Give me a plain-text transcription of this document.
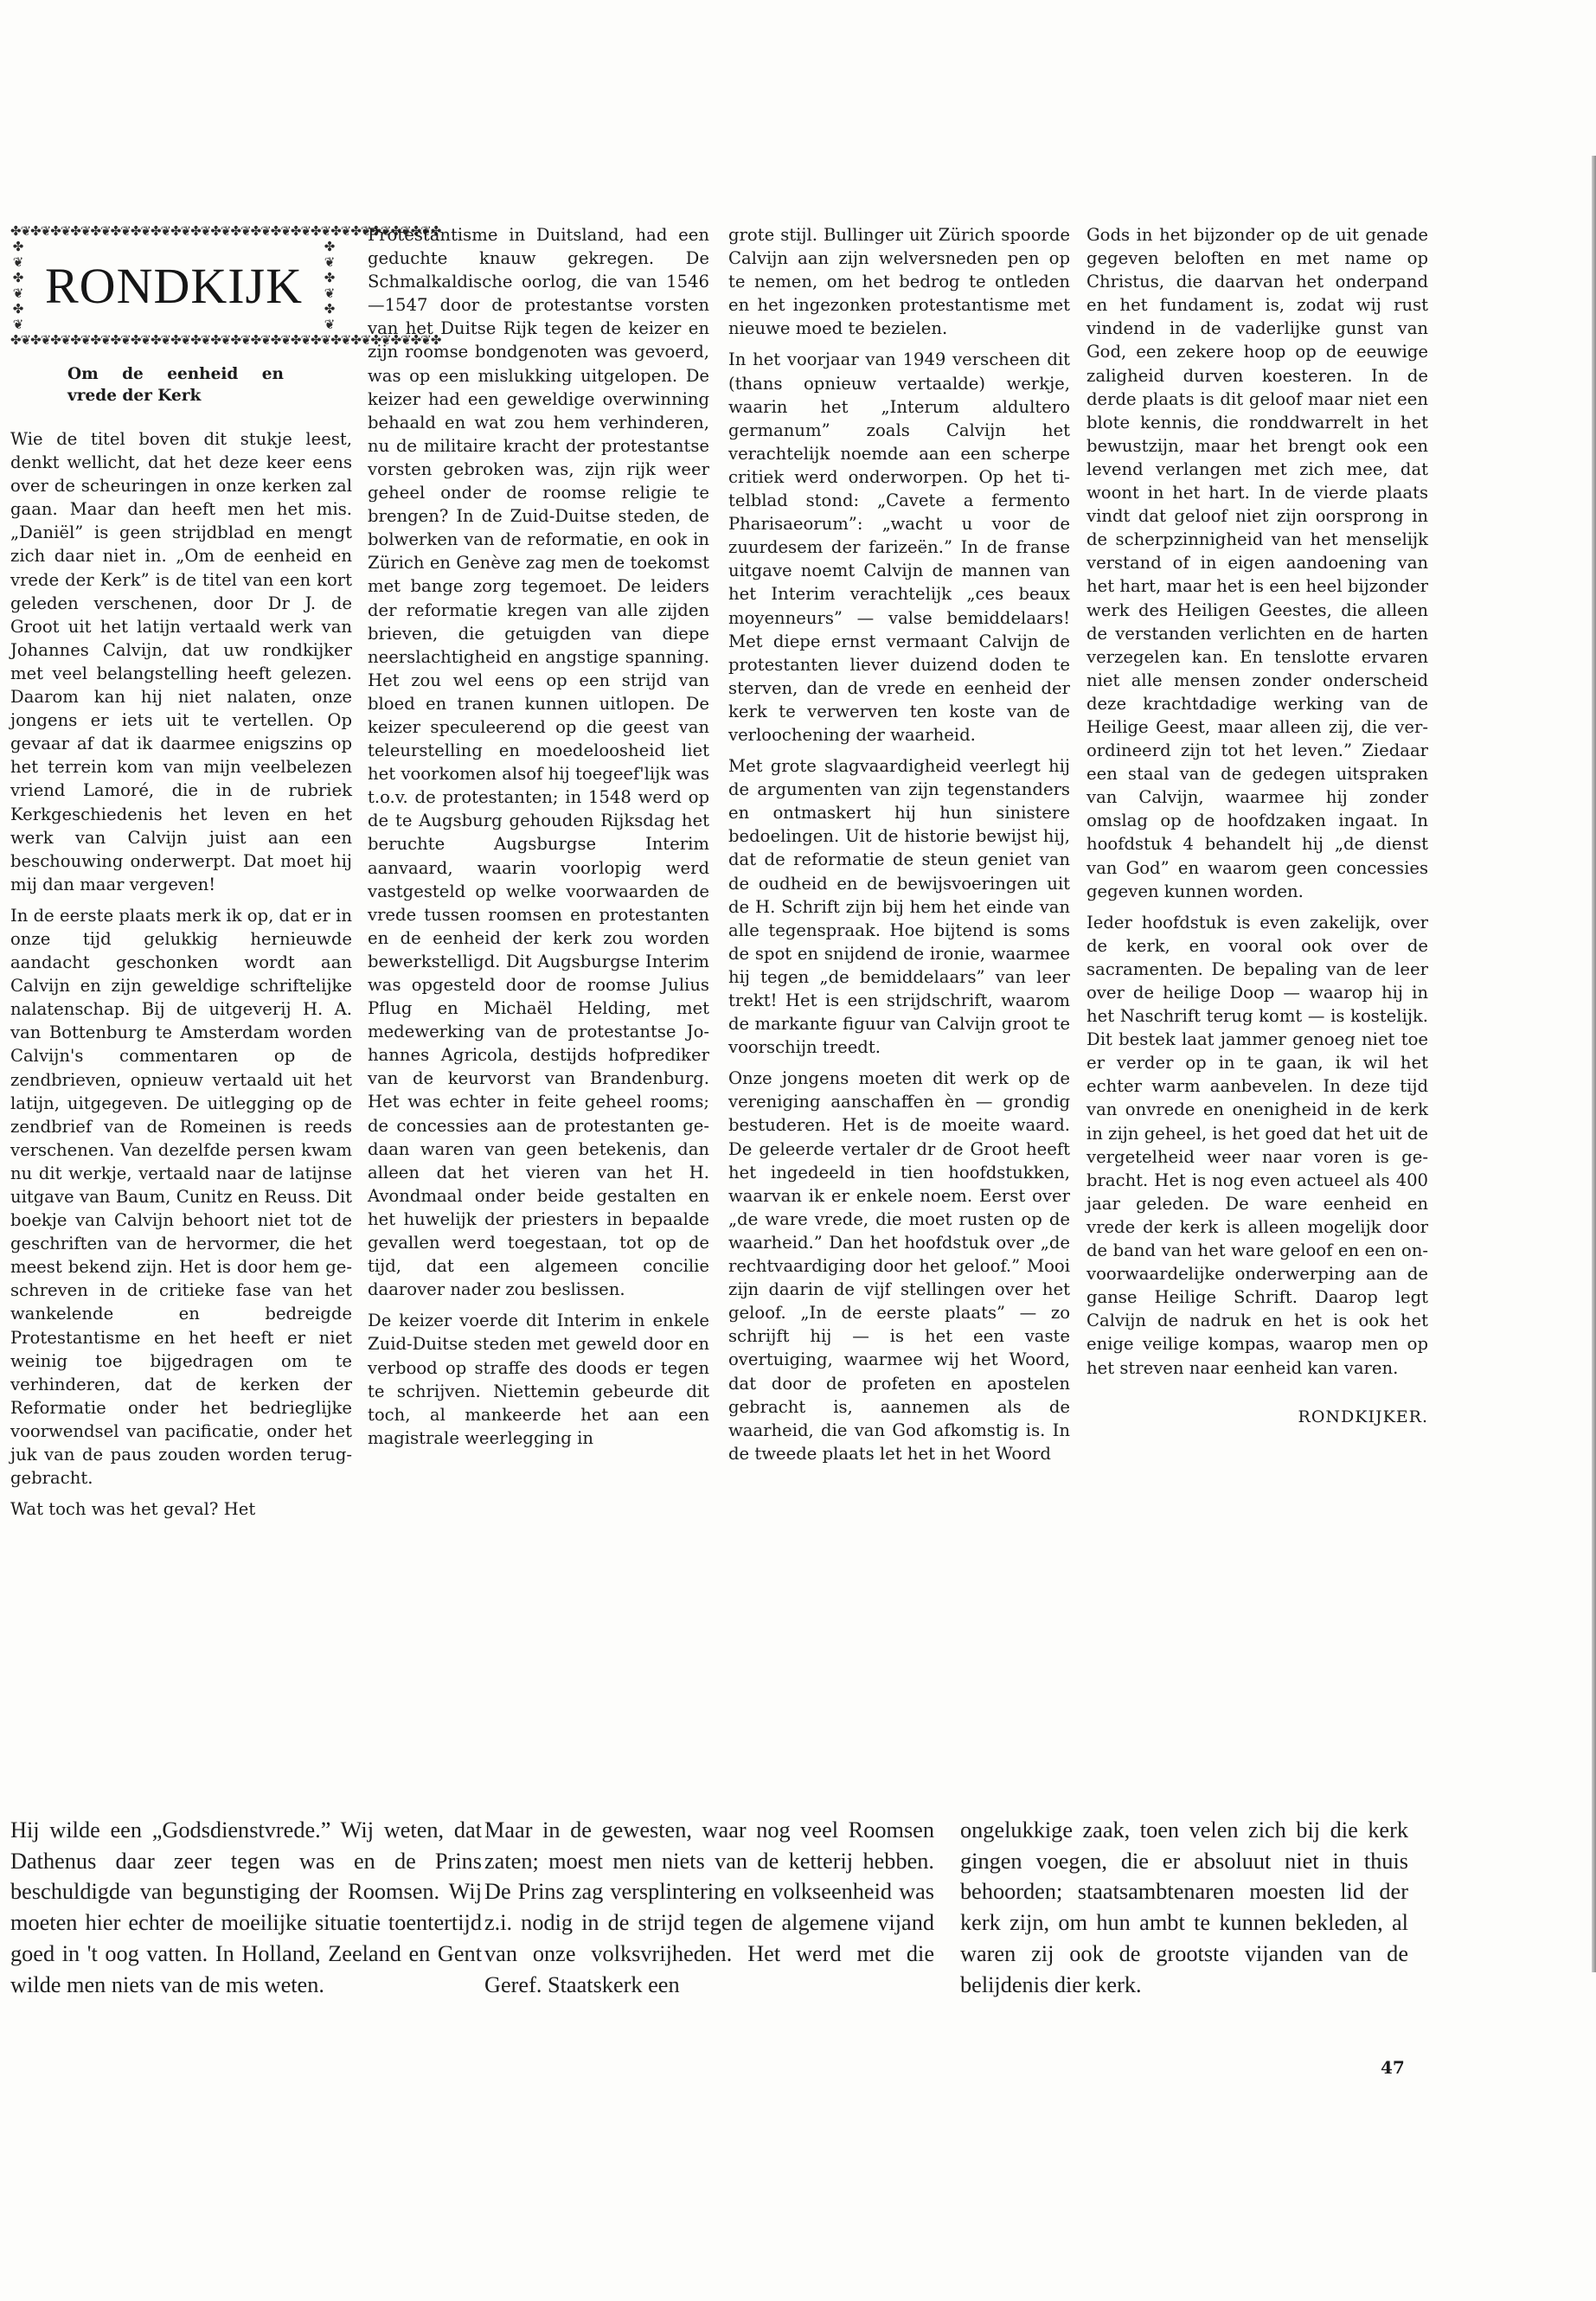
✤❦✤❦✤❦✤❦✤❦✤❦✤❦✤❦✤❦✤❦✤❦✤❦✤❦✤❦✤❦✤❦✤❦✤❦✤❦✤❦✤❦✤
✤
❦
✤
❦
✤
❦
RONDKIJK
✤
❦
✤
❦
✤
❦
✤❦✤❦✤❦✤❦✤❦✤❦✤❦✤❦✤❦✤❦✤❦✤❦✤❦✤❦✤❦✤❦✤❦✤❦✤❦✤❦✤❦✤
Om de eenheid en vrede der Kerk

Wie de titel boven dit stukje leest, denkt wellicht, dat het deze keer eens over de scheuringen in onze kerken zal gaan. Maar dan heeft men het mis. „Daniël” is geen strijdblad en mengt zich daar niet in. „Om de eenheid en vrede der Kerk” is de titel van een kort geleden verschenen, door Dr J. de Groot uit het latijn vertaald werk van Johannes Calvijn, dat uw rondkijker met veel belangstelling heeft gelezen. Daarom kan hij niet nalaten, onze jongens er iets uit te vertellen. Op gevaar af dat ik daarmee enigszins op het terrein kom van mijn veelbelezen vriend Lamoré, die in de rubriek Kerkgeschiedenis het leven en het werk van Calvijn juist aan een beschouwing onderwerpt. Dat moet hij mij dan maar vergeven!

In de eerste plaats merk ik op, dat er in onze tijd gelukkig hernieuwde aandacht geschonken wordt aan Calvijn en zijn geweldige schriftelijke nalatenschap. Bij de uitgeverij H. A. van Bottenburg te Amsterdam worden Calvijn's commentaren op de zendbrieven, opnieuw vertaald uit het latijn, uitgegeven. De uitlegging op de zendbrief van de Romeinen is reeds verschenen. Van dezelfde persen kwam nu dit werkje, vertaald naar de latijnse uitgave van Baum, Cunitz en Reuss. Dit boekje van Calvijn behoort niet tot de geschriften van de hervormer, die het meest bekend zijn. Het is door hem geschreven in de critieke fase van het wankelende en bedreigde Protestantisme en het heeft er niet weinig toe bijgedragen om te verhinderen, dat de kerken der Reformatie onder het bedrieglijke voorwendsel van pacificatie, onder het juk van de paus zouden worden teruggebracht.

Wat toch was het geval? Het

Protestantisme in Duitsland, had een geduchte knauw gekregen. De Schmalkaldische oorlog, die van 1546—1547 door de protestantse vorsten van het Duitse Rijk tegen de keizer en zijn roomse bondgenoten was gevoerd, was op een mislukking uitgelopen. De keizer had een geweldige overwinning behaald en wat zou hem verhinderen, nu de militaire kracht der protestantse vorsten gebroken was, zijn rijk weer geheel onder de roomse religie te brengen? In de Zuid-Duitse steden, de bolwerken van de reformatie, en ook in Zürich en Genève zag men de toekomst met bange zorg tegemoet. De leiders der reformatie kregen van alle zijden brieven, die getuigden van diepe neerslachtigheid en angstige spanning. Het zou wel eens op een strijd van bloed en tranen kunnen uitlopen. De keizer speculeerend op die geest van teleurstelling en moedeloosheid liet het voorkomen alsof hij toegeef'lijk was t.o.v. de protestanten; in 1548 werd op de te Augsburg gehouden Rijksdag het beruchte Augsburgse Interim aanvaard, waarin voorlopig werd vastgesteld op welke voorwaarden de vrede tussen roomsen en protestanten en de eenheid der kerk zou worden bewerkstelligd. Dit Augsburgse Interim was opgesteld door de roomse Julius Pflug en Michaël Helding, met medewerking van de protestantse Johannes Agricola, destijds hofprediker van de keurvorst van Brandenburg. Het was echter in feite geheel rooms; de concessies aan de protestanten gedaan waren van geen betekenis, dan alleen dat het vieren van het H. Avondmaal onder beide gestalten en het huwelijk der priesters in bepaalde gevallen werd toegestaan, tot op de tijd, dat een algemeen concilie daarover nader zou beslissen.

De keizer voerde dit Interim in enkele Zuid-Duitse steden met geweld door en verbood op straffe des doods er tegen te schrijven. Niettemin gebeurde dit toch, al mankeerde het aan een magistrale weerlegging in

grote stijl. Bullinger uit Zürich spoorde Calvijn aan zijn welversneden pen op te nemen, om het bedrog te ontleden en het ingezonken protestantisme met nieuwe moed te bezielen.

In het voorjaar van 1949 verscheen dit (thans opnieuw vertaalde) werkje, waarin het „Interum aldultero germanum” zoals Calvijn het verachtelijk noemde aan een scherpe critiek werd onderworpen. Op het titelblad stond: „Cavete a fermento Pharisaeorum”: „wacht u voor de zuurdesem der farizeën.” In de franse uitgave noemt Calvijn de mannen van het Interim verachtelijk „ces beaux moyenneurs” — valse bemiddelaars! Met diepe ernst vermaant Calvijn de protestanten liever duizend doden te sterven, dan de vrede en eenheid der kerk te verwerven ten koste van de verloochening der waarheid.

Met grote slagvaardigheid veerlegt hij de argumenten van zijn tegenstanders en ontmaskert hij hun sinistere bedoelingen. Uit de historie bewijst hij, dat de reformatie de steun geniet van de oudheid en de bewijsvoeringen uit de H. Schrift zijn bij hem het einde van alle tegenspraak. Hoe bijtend is soms de spot en snijdend de ironie, waarmee hij tegen „de bemiddelaars” van leer trekt! Het is een strijdschrift, waarom de markante figuur van Calvijn groot te voorschijn treedt.

Onze jongens moeten dit werk op de vereniging aanschaffen èn — grondig bestuderen. Het is de moeite waard. De geleerde vertaler dr de Groot heeft het ingedeeld in tien hoofdstukken, waarvan ik er enkele noem. Eerst over „de ware vrede, die moet rusten op de waarheid.” Dan het hoofdstuk over „de rechtvaardiging door het geloof.” Mooi zijn daarin de vijf stellingen over het geloof. „In de eerste plaats” — zo schrijft hij — is het een vaste overtuiging, waarmee wij het Woord, dat door de profeten en apostelen gebracht is, aannemen als de waarheid, die van God afkomstig is. In de tweede plaats let het in het Woord

Gods in het bijzonder op de uit genade gegeven beloften en met name op Christus, die daarvan het onderpand en het fundament is, zodat wij rust vindend in de vaderlijke gunst van God, een zekere hoop op de eeuwige zaligheid durven koesteren. In de derde plaats is dit geloof maar niet een blote kennis, die ronddwarrelt in het bewustzijn, maar het brengt ook een levend verlangen met zich mee, dat woont in het hart. In de vierde plaats vindt dat geloof niet zijn oorsprong in de scherpzinnigheid van het menselijk verstand of in eigen aandoening van het hart, maar het is een heel bijzonder werk des Heiligen Geestes, die alleen de verstanden verlichten en de harten verzegelen kan. En tenslotte ervaren niet alle mensen zonder onderscheid deze krachtdadige werking van de Heilige Geest, maar alleen zij, die verordineerd zijn tot het leven.” Ziedaar een staal van de gedegen uitspraken van Calvijn, waarmee hij zonder omslag op de hoofdzaken ingaat. In hoofdstuk 4 behandelt hij „de dienst van God” en waarom geen concessies gegeven kunnen worden.

Ieder hoofdstuk is even zakelijk, over de kerk, en vooral ook over de sacramenten. De bepaling van de leer over de heilige Doop — waarop hij in het Naschrift terug komt — is kostelijk. Dit bestek laat jammer genoeg niet toe er verder op in te gaan, ik wil het echter warm aanbevelen. In deze tijd van onvrede en onenigheid in de kerk in zijn geheel, is het goed dat het uit de vergetelheid weer naar voren is gebracht. Het is nog even actueel als 400 jaar geleden. De ware eenheid en vrede der kerk is alleen mogelijk door de band van het ware geloof en een onvoorwaardelijke onderwerping aan de ganse Heilige Schrift. Daarop legt Calvijn de nadruk en het is ook het enige veilige kompas, waarop men op het streven naar eenheid kan varen.

RONDKIJKER.

Hij wilde een „Godsdienstvrede.” Wij weten, dat Dathenus daar zeer tegen was en de Prins beschuldigde van begunstiging der Roomsen. Wij moeten hier echter de moeilijke situatie toentertijd goed in 't oog vatten. In Holland, Zeeland en Gent wilde men niets van de mis weten.
Maar in de gewesten, waar nog veel Roomsen zaten; moest men niets van de ketterij hebben. De Prins zag versplintering en volkseenheid was z.i. nodig in de strijd tegen de algemene vijand van onze volksvrijheden. Het werd met die Geref. Staatskerk een
ongelukkige zaak, toen velen zich bij die kerk gingen voegen, die er absoluut niet in thuis behoorden; staatsambtenaren moesten lid der kerk zijn, om hun ambt te kunnen bekleden, al waren zij ook de grootste vijanden van de belijdenis dier kerk.
47
